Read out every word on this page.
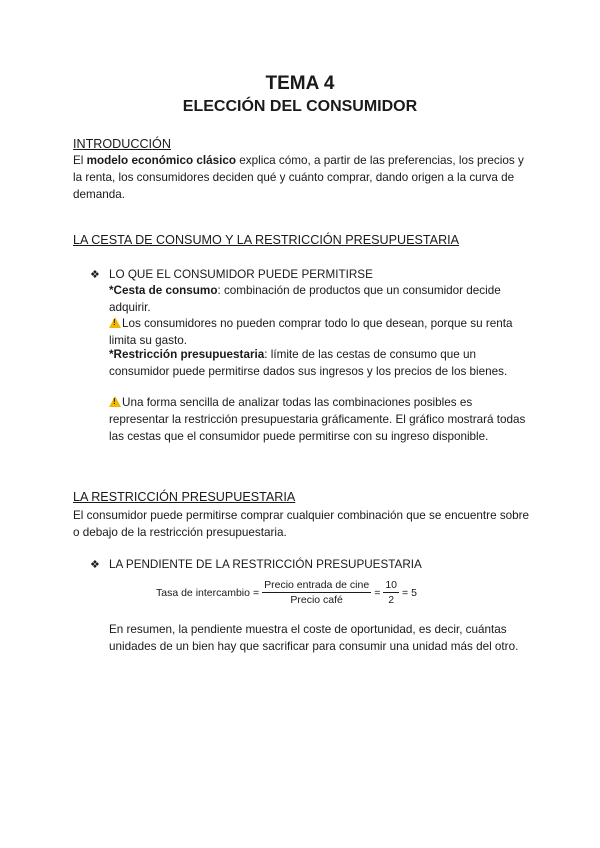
TEMA 4
ELECCIÓN DEL CONSUMIDOR
INTRODUCCIÓN

El modelo económico clásico explica cómo, a partir de las preferencias, los precios y la renta, los consumidores deciden qué y cuánto comprar, dando origen a la curva de demanda.

LA CESTA DE CONSUMO Y LA RESTRICCIÓN PRESUPUESTARIA

❖ LO QUE EL CONSUMIDOR PUEDE PERMITIRSE

*Cesta de consumo: combinación de productos que un consumidor decide adquirir.

!Los consumidores no pueden comprar todo lo que desean, porque su renta limita su gasto.

*Restricción presupuestaria: límite de las cestas de consumo que un consumidor puede permitirse dados sus ingresos y los precios de los bienes.

!Una forma sencilla de analizar todas las combinaciones posibles es representar la restricción presupuestaria gráficamente. El gráfico mostrará todas las cestas que el consumidor puede permitirse con su ingreso disponible.

LA RESTRICCIÓN PRESUPUESTARIA

El consumidor puede permitirse comprar cualquier combinación que se encuentre sobre o debajo de la restricción presupuestaria.

❖ LA PENDIENTE DE LA RESTRICCIÓN PRESUPUESTARIA

Tasa de intercambio = $\frac{\text{Precio entrada de cine}}{\text{Precio café}} = \frac{10}{2} = 5$

En resumen, la pendiente muestra el coste de oportunidad, es decir, cuántas unidades de un bien hay que sacrificar para consumir una unidad más del otro.
